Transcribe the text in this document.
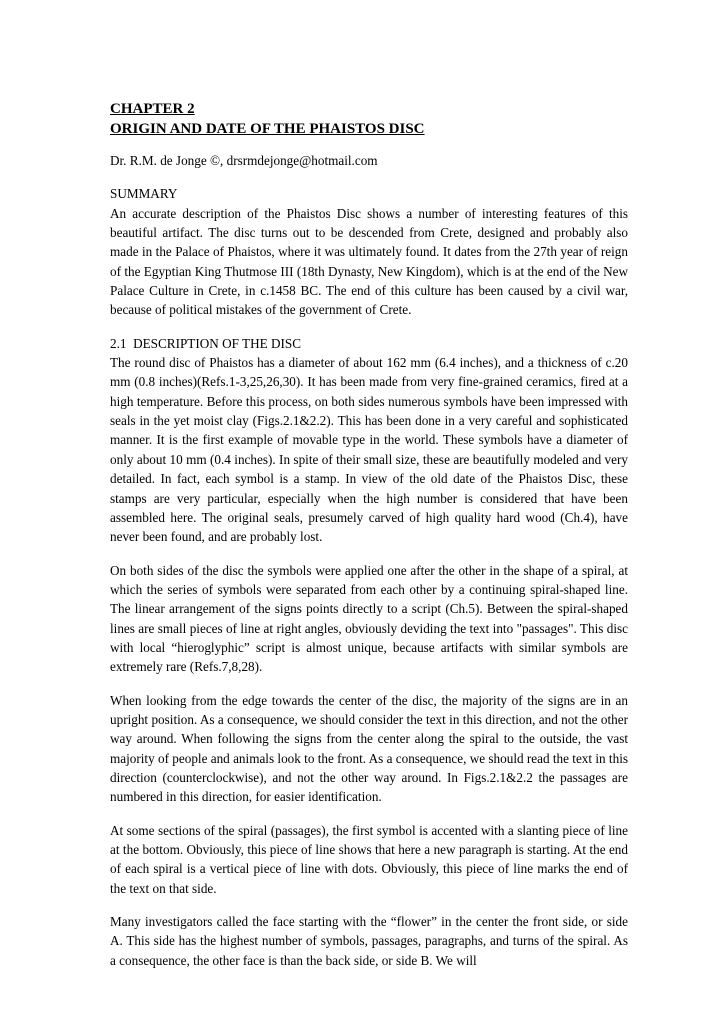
CHAPTER 2

ORIGIN AND DATE OF THE PHAISTOS DISC

Dr. R.M. de Jonge ©, drsrmdejonge@hotmail.com

SUMMARY

An accurate description of the Phaistos Disc shows a number of interesting features of this beautiful artifact. The disc turns out to be descended from Crete, designed and probably also made in the Palace of Phaistos, where it was ultimately found. It dates from the 27th year of reign of the Egyptian King Thutmose III (18th Dynasty, New Kingdom), which is at the end of the New Palace Culture in Crete, in c.1458 BC. The end of this culture has been caused by a civil war, because of political mistakes of the government of Crete.

2.1  DESCRIPTION OF THE DISC

The round disc of Phaistos has a diameter of about 162 mm (6.4 inches), and a thickness of c.20 mm (0.8 inches)(Refs.1-3,25,26,30). It has been made from very fine-grained ceramics, fired at a high temperature. Before this process, on both sides numerous symbols have been impressed with seals in the yet moist clay (Figs.2.1&2.2). This has been done in a very careful and sophisticated manner. It is the first example of movable type in the world. These symbols have a diameter of only about 10 mm (0.4 inches). In spite of their small size, these are beautifully modeled and very detailed. In fact, each symbol is a stamp. In view of the old date of the Phaistos Disc, these stamps are very particular, especially when the high number is considered that have been assembled here. The original seals, presumely carved of high quality hard wood (Ch.4), have never been found, and are probably lost.

On both sides of the disc the symbols were applied one after the other in the shape of a spiral, at which the series of symbols were separated from each other by a continuing spiral-shaped line. The linear arrangement of the signs points directly to a script (Ch.5). Between the spiral-shaped lines are small pieces of line at right angles, obviously deviding the text into "passages". This disc with local “hieroglyphic” script is almost unique, because artifacts with similar symbols are extremely rare (Refs.7,8,28).

When looking from the edge towards the center of the disc, the majority of the signs are in an upright position. As a consequence, we should consider the text in this direction, and not the other way around. When following the signs from the center along the spiral to the outside, the vast majority of people and animals look to the front. As a consequence, we should read the text in this direction (counterclockwise), and not the other way around. In Figs.2.1&2.2 the passages are numbered in this direction, for easier identification.

At some sections of the spiral (passages), the first symbol is accented with a slanting piece of line at the bottom. Obviously, this piece of line shows that here a new paragraph is starting. At the end of each spiral is a vertical piece of line with dots. Obviously, this piece of line marks the end of the text on that side.

Many investigators called the face starting with the “flower” in the center the front side, or side A. This side has the highest number of symbols, passages, paragraphs, and turns of the spiral. As a consequence, the other face is than the back side, or side B. We will
